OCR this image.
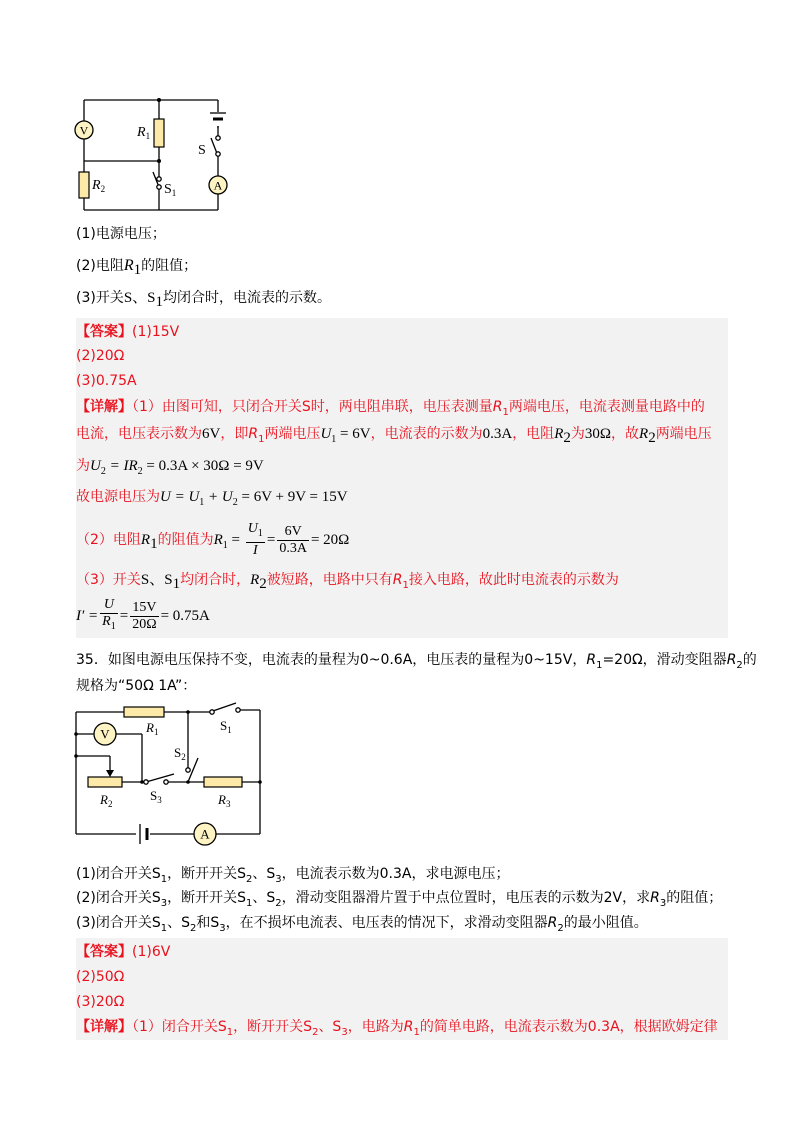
S
V	$R_1$
$R_2$	$S_1$
A
(1)电源电压；
(2)电阻$R_1$的阻值；
(3)开关S、$S_1$均闭合时，电流表的示数。
【答案】(1)15V
(2)20Ω
(3)0.75A
【详解】（1）由图可知，只闭合开关S时，两电阻串联，电压表测量$R_1$两端电压，电流表测量电路中的
电流，电压表示数为6V，即$R_1$两端电压$U_1 = 6V$，电流表的示数为0.3A，电阻$R_2$为30Ω，故$R_2$两端电压
为$U_2 = IR_2 = 0.3A \times 30\Omega = 9V$
故电源电压为$U = U_1 + U_2 = 6V + 9V = 15V$
（2）电阻$R_1$的阻值为$R_1 = \frac{U_1}{I} = \frac{6V}{0.3A} = 20\Omega$
（3）开关S、$S_1$均闭合时，$R_2$被短路，电路中只有$R_1$接入电路，故此时电流表的示数为
$I' = \frac{U}{R_1} = \frac{15V}{20\Omega} = 0.75A$
35．如图电源电压保持不变，电流表的量程为0~0.6A，电压表的量程为0~15V，$R_1=20\Omega$，滑动变阻器$R_2$的
规格为“50Ω 1A”：
$R_1$	$S_1$
$S_2$
V
$R_2$
$S_3$	$R_3$
A
(1)闭合开关$S_1$，断开开关$S_2$、$S_3$，电流表示数为0.3A，求电源电压；
(2)闭合开关$S_3$，断开开关$S_1$、$S_2$，滑动变阻器滑片置于中点位置时，电压表的示数为2V，求$R_3$的阻值；
(3)闭合开关$S_1$、$S_2$和$S_3$，在不损坏电流表、电压表的情况下，求滑动变阻器$R_2$的最小阻值。
【答案】(1)6V
(2)50Ω
(3)20Ω
【详解】（1）闭合开关$S_1$，断开开关$S_2$、$S_3$，电路为$R_1$的简单电路，电流表示数为0.3A，根据欧姆定律
